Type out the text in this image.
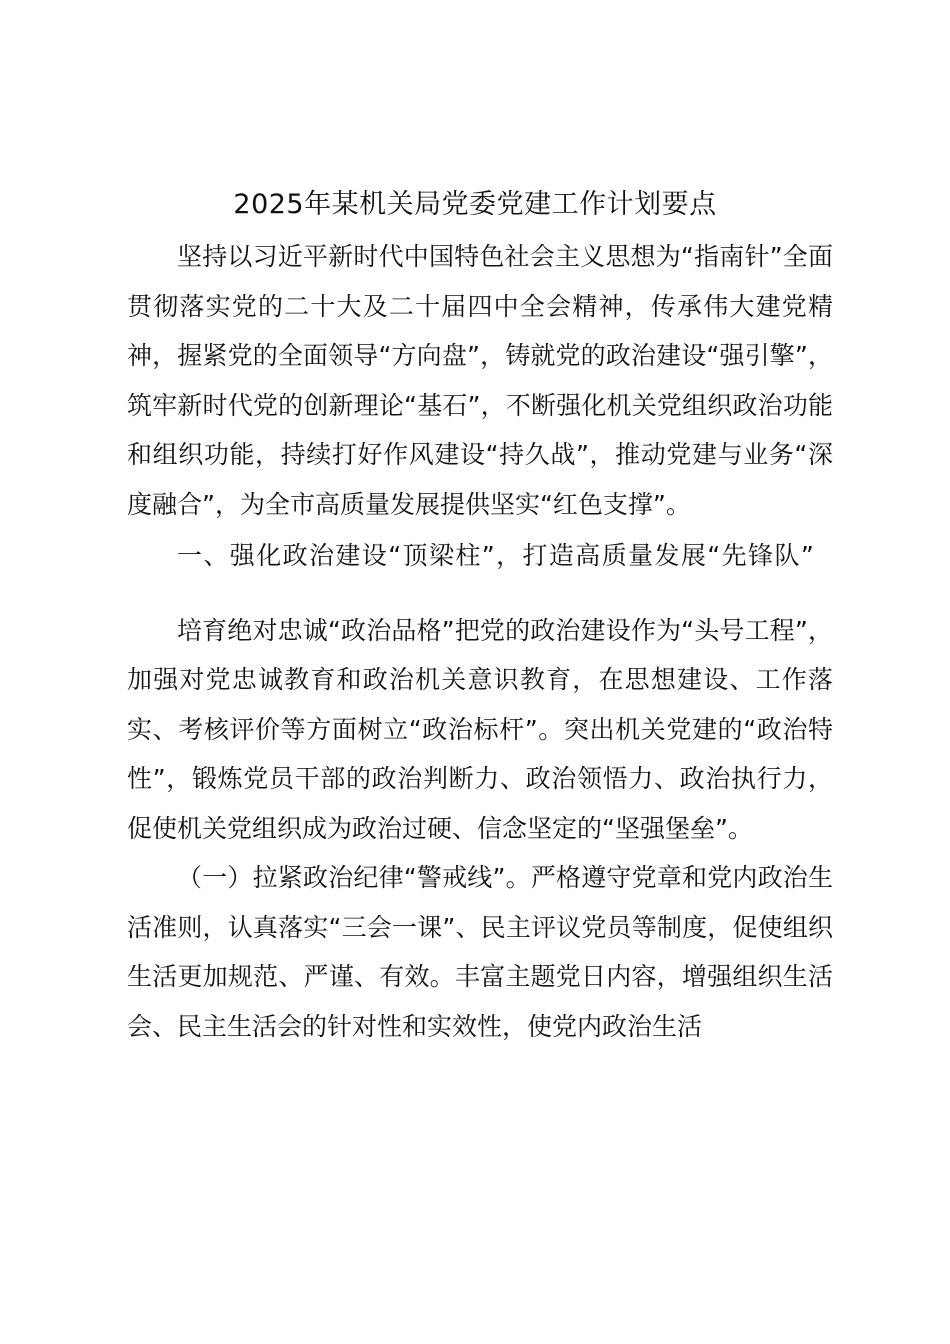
2025年某机关局党委党建工作计划要点

坚持以习近平新时代中国特色社会主义思想为“指南针”全面贯彻落实党的二十大及二十届四中全会精神，传承伟大建党精神，握紧党的全面领导“方向盘”，铸就党的政治建设“强引擎”，筑牢新时代党的创新理论“基石”，不断强化机关党组织政治功能和组织功能，持续打好作风建设“持久战”，推动党建与业务“深度融合”，为全市高质量发展提供坚实“红色支撑”。

一、强化政治建设“顶梁柱”，打造高质量发展“先锋队”

培育绝对忠诚“政治品格”把党的政治建设作为“头号工程”，加强对党忠诚教育和政治机关意识教育，在思想建设、工作落实、考核评价等方面树立“政治标杆”。突出机关党建的“政治特性”，锻炼党员干部的政治判断力、政治领悟力、政治执行力，促使机关党组织成为政治过硬、信念坚定的“坚强堡垒”。

（一）拉紧政治纪律“警戒线”。严格遵守党章和党内政治生活准则，认真落实“三会一课”、民主评议党员等制度，促使组织生活更加规范、严谨、有效。丰富主题党日内容，增强组织生活会、民主生活会的针对性和实效性，使党内政治生活
